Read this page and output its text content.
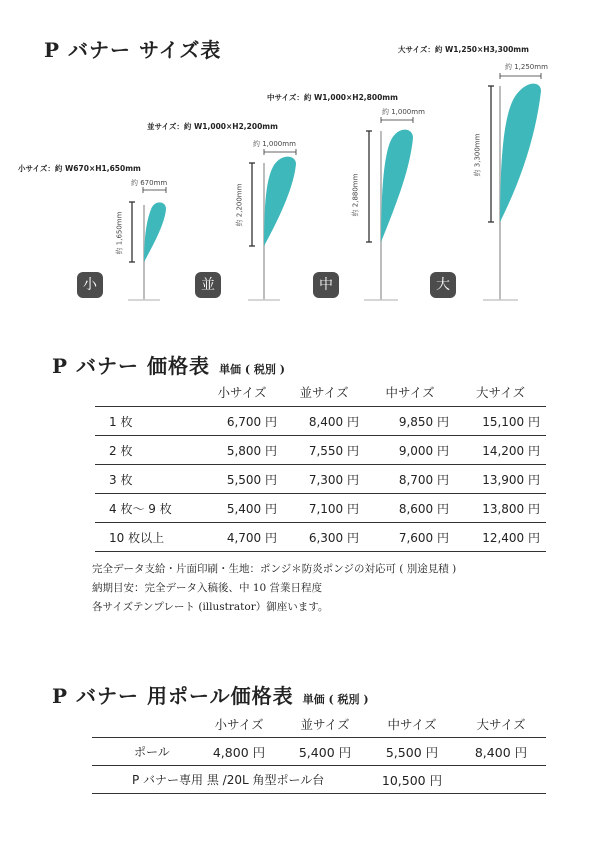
P バナー サイズ表
小サイズ：約 W670×H1,650mm
並サイズ：約 W1,000×H2,200mm
中サイズ：約 W1,000×H2,800mm
大サイズ：約 W1,250×H3,300mm
約 670mm
約 1,000mm
約 1,000mm
約 1,250mm
約 1,650mm
約 2,200mm	約 2,880mm
約 3,300mm
小	並	中	大
P バナー 価格表 単価 ( 税別 )
	小サイズ	並サイズ	中サイズ	大サイズ
1 枚	6,700 円	8,400 円	9,850 円	15,100 円
2 枚	5,800 円	7,550 円	9,000 円	14,200 円
3 枚	5,500 円	7,300 円	8,700 円	13,900 円
4 枚～ 9 枚	5,400 円	7,100 円	8,600 円	13,800 円
10 枚以上	4,700 円	6,300 円	7,600 円	12,400 円
完全データ支給・片面印刷・生地：ポンジ＊防炎ポンジの対応可 ( 別途見積 )
納期目安：完全データ入稿後、中 10 営業日程度
各サイズテンプレート (illustrator）御座います。
P バナー 用ポール価格表 単価 ( 税別 )
	小サイズ	並サイズ	中サイズ	大サイズ
ポール	4,800 円	5,400 円	5,500 円	8,400 円
P バナー専用 黒 /20L 角型ポール台			10,500 円	
